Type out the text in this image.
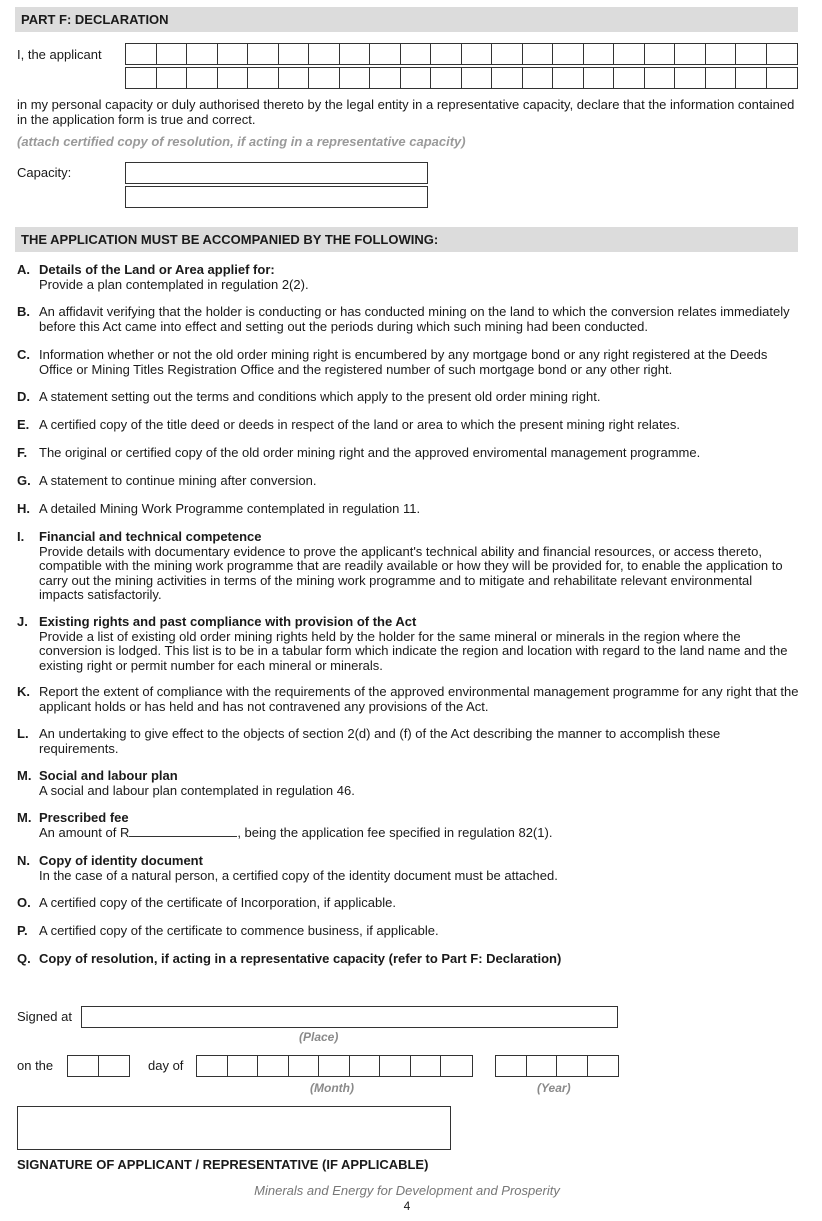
PART F: DECLARATION
I, the applicant
in my personal capacity or duly authorised thereto by the legal entity in a representative capacity, declare that the information contained in the application form is true and correct.
(attach certified copy of resolution, if acting in a representative capacity)
Capacity:
THE APPLICATION MUST BE ACCOMPANIED BY THE FOLLOWING:
A. Details of the Land or Area applief for:
Provide a plan contemplated in regulation 2(2).
B. An affidavit verifying that the holder is conducting or has conducted mining on the land to which the conversion relates immediately before this Act came into effect and setting out the periods during which such mining had been conducted.
C. Information whether or not the old order mining right is encumbered by any mortgage bond or any right registered at the Deeds Office or Mining Titles Registration Office and the registered number of such mortgage bond or any other right.
D. A statement setting out the terms and conditions which apply to the present old order mining right.
E. A certified copy of the title deed or deeds in respect of the land or area to which the present mining right relates.
F. The original or certified copy of the old order mining right and the approved enviromental management programme.
G. A statement to continue mining after conversion.
H. A detailed Mining Work Programme contemplated in regulation 11.
I.	Financial and technical competence
Provide details with documentary evidence to prove the applicant's technical ability and financial resources, or access thereto, compatible with the mining work programme that are readily available or how they will be provided for, to enable the application to carry out the mining activities in terms of the mining work programme and to mitigate and rehabilitate relevant environmental impacts satisfactorily.
J. Existing rights and past compliance with provision of the Act
Provide a list of existing old order mining rights held by the holder for the same mineral or minerals in the region where the conversion is lodged. This list is to be in a tabular form which indicate the region and location with regard to the land name and the existing right or permit number for each mineral or minerals.
K. Report the extent of compliance with the requirements of the approved environmental management programme for any right that the applicant holds or has held and has not contravened any provisions of the Act.
L. An undertaking to give effect to the objects of section 2(d) and (f) of the Act describing the manner to accomplish these requirements.
M. Social and labour plan
A social and labour plan contemplated in regulation 46.
M. Prescribed fee
An amount of R	, being the application fee specified in regulation 82(1).
N. Copy of identity document
In the case of a natural person, a certified copy of the identity document must be attached.
O. A certified copy of the certificate of Incorporation, if applicable.
P. A certified copy of the certificate to commence business, if applicable.
Q. Copy of resolution, if acting in a representative capacity (refer to Part F: Declaration)
Signed at
(Place)
on the	day of
(Month)	(Year)
SIGNATURE OF APPLICANT / REPRESENTATIVE (IF APPLICABLE)
Minerals and Energy for Development and Prosperity
4
